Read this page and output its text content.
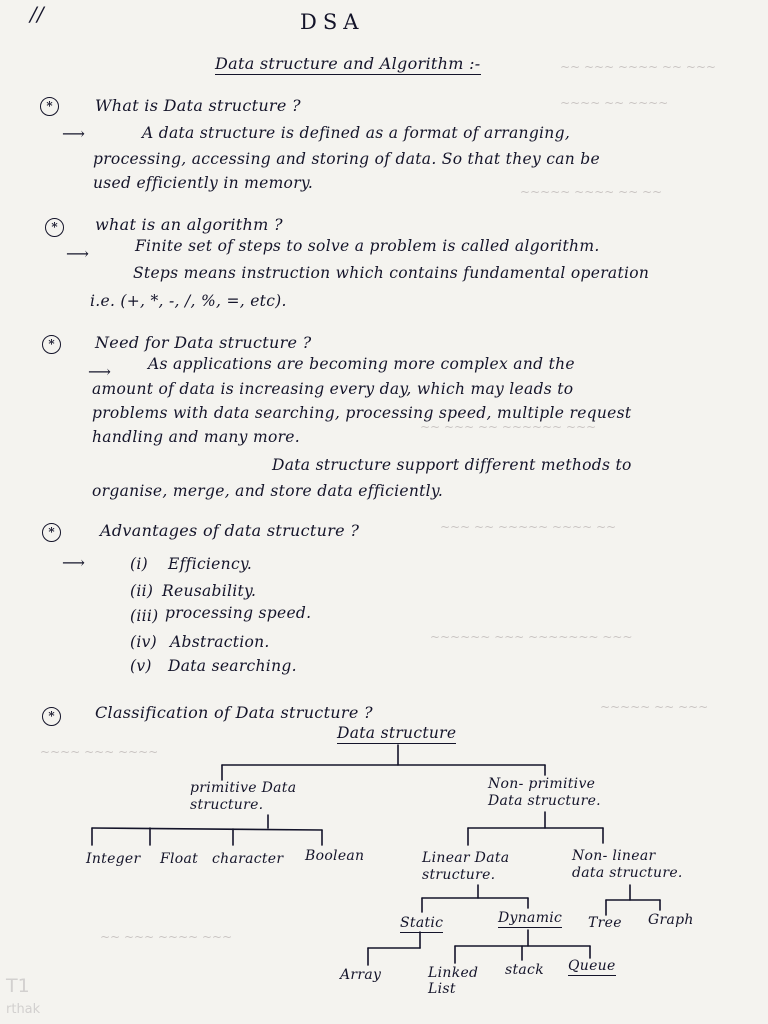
~~~ ~~ ~~~~ ~~~ ~~
~~~~ ~~ ~~~~
~~ ~~ ~~~~ ~~~~~
~~~ ~~~~~~ ~~ ~~~ ~~
~~ ~~~~ ~~~~~ ~~ ~~~
~~~ ~~~~~~~ ~~~ ~~~~~~
~~~ ~~ ~~~~~
~~~~ ~~~ ~~~~
~~~ ~~~~ ~~~ ~~
//	DSA
Data structure and Algorithm :-
*	What is Data structure ?
⟶	A data structure is defined as a format of arranging,
processing, accessing and storing of data. So that they can be
used efficiently in memory.
*	what is an algorithm ?
⟶	Finite set of steps to solve a problem is called algorithm.
Steps means instruction which contains fundamental operation
i.e. (+, *, -, /, %, =, etc).
*	Need for Data structure ?
⟶ As applications are becoming more complex and the
amount of data is increasing every day, which may leads to
problems with data searching, processing speed, multiple request
handling and many more.
Data structure support different methods to
organise, merge, and store data efficiently.
*	Advantages of data structure ?
⟶	(i) Efficiency.
(ii) Reusability.
(iii) processing speed.
(iv) Abstraction.
(v) Data searching.
*	Classification of Data structure ?
Data structure
primitive Data structure.
Non- primitive Data structure.
Integer Float character Boolean	Linear Data structure.
Non- linear data structure.
Static	Dynamic Tree Graph
Array	Linked List
stack Queue
T1
rthak
